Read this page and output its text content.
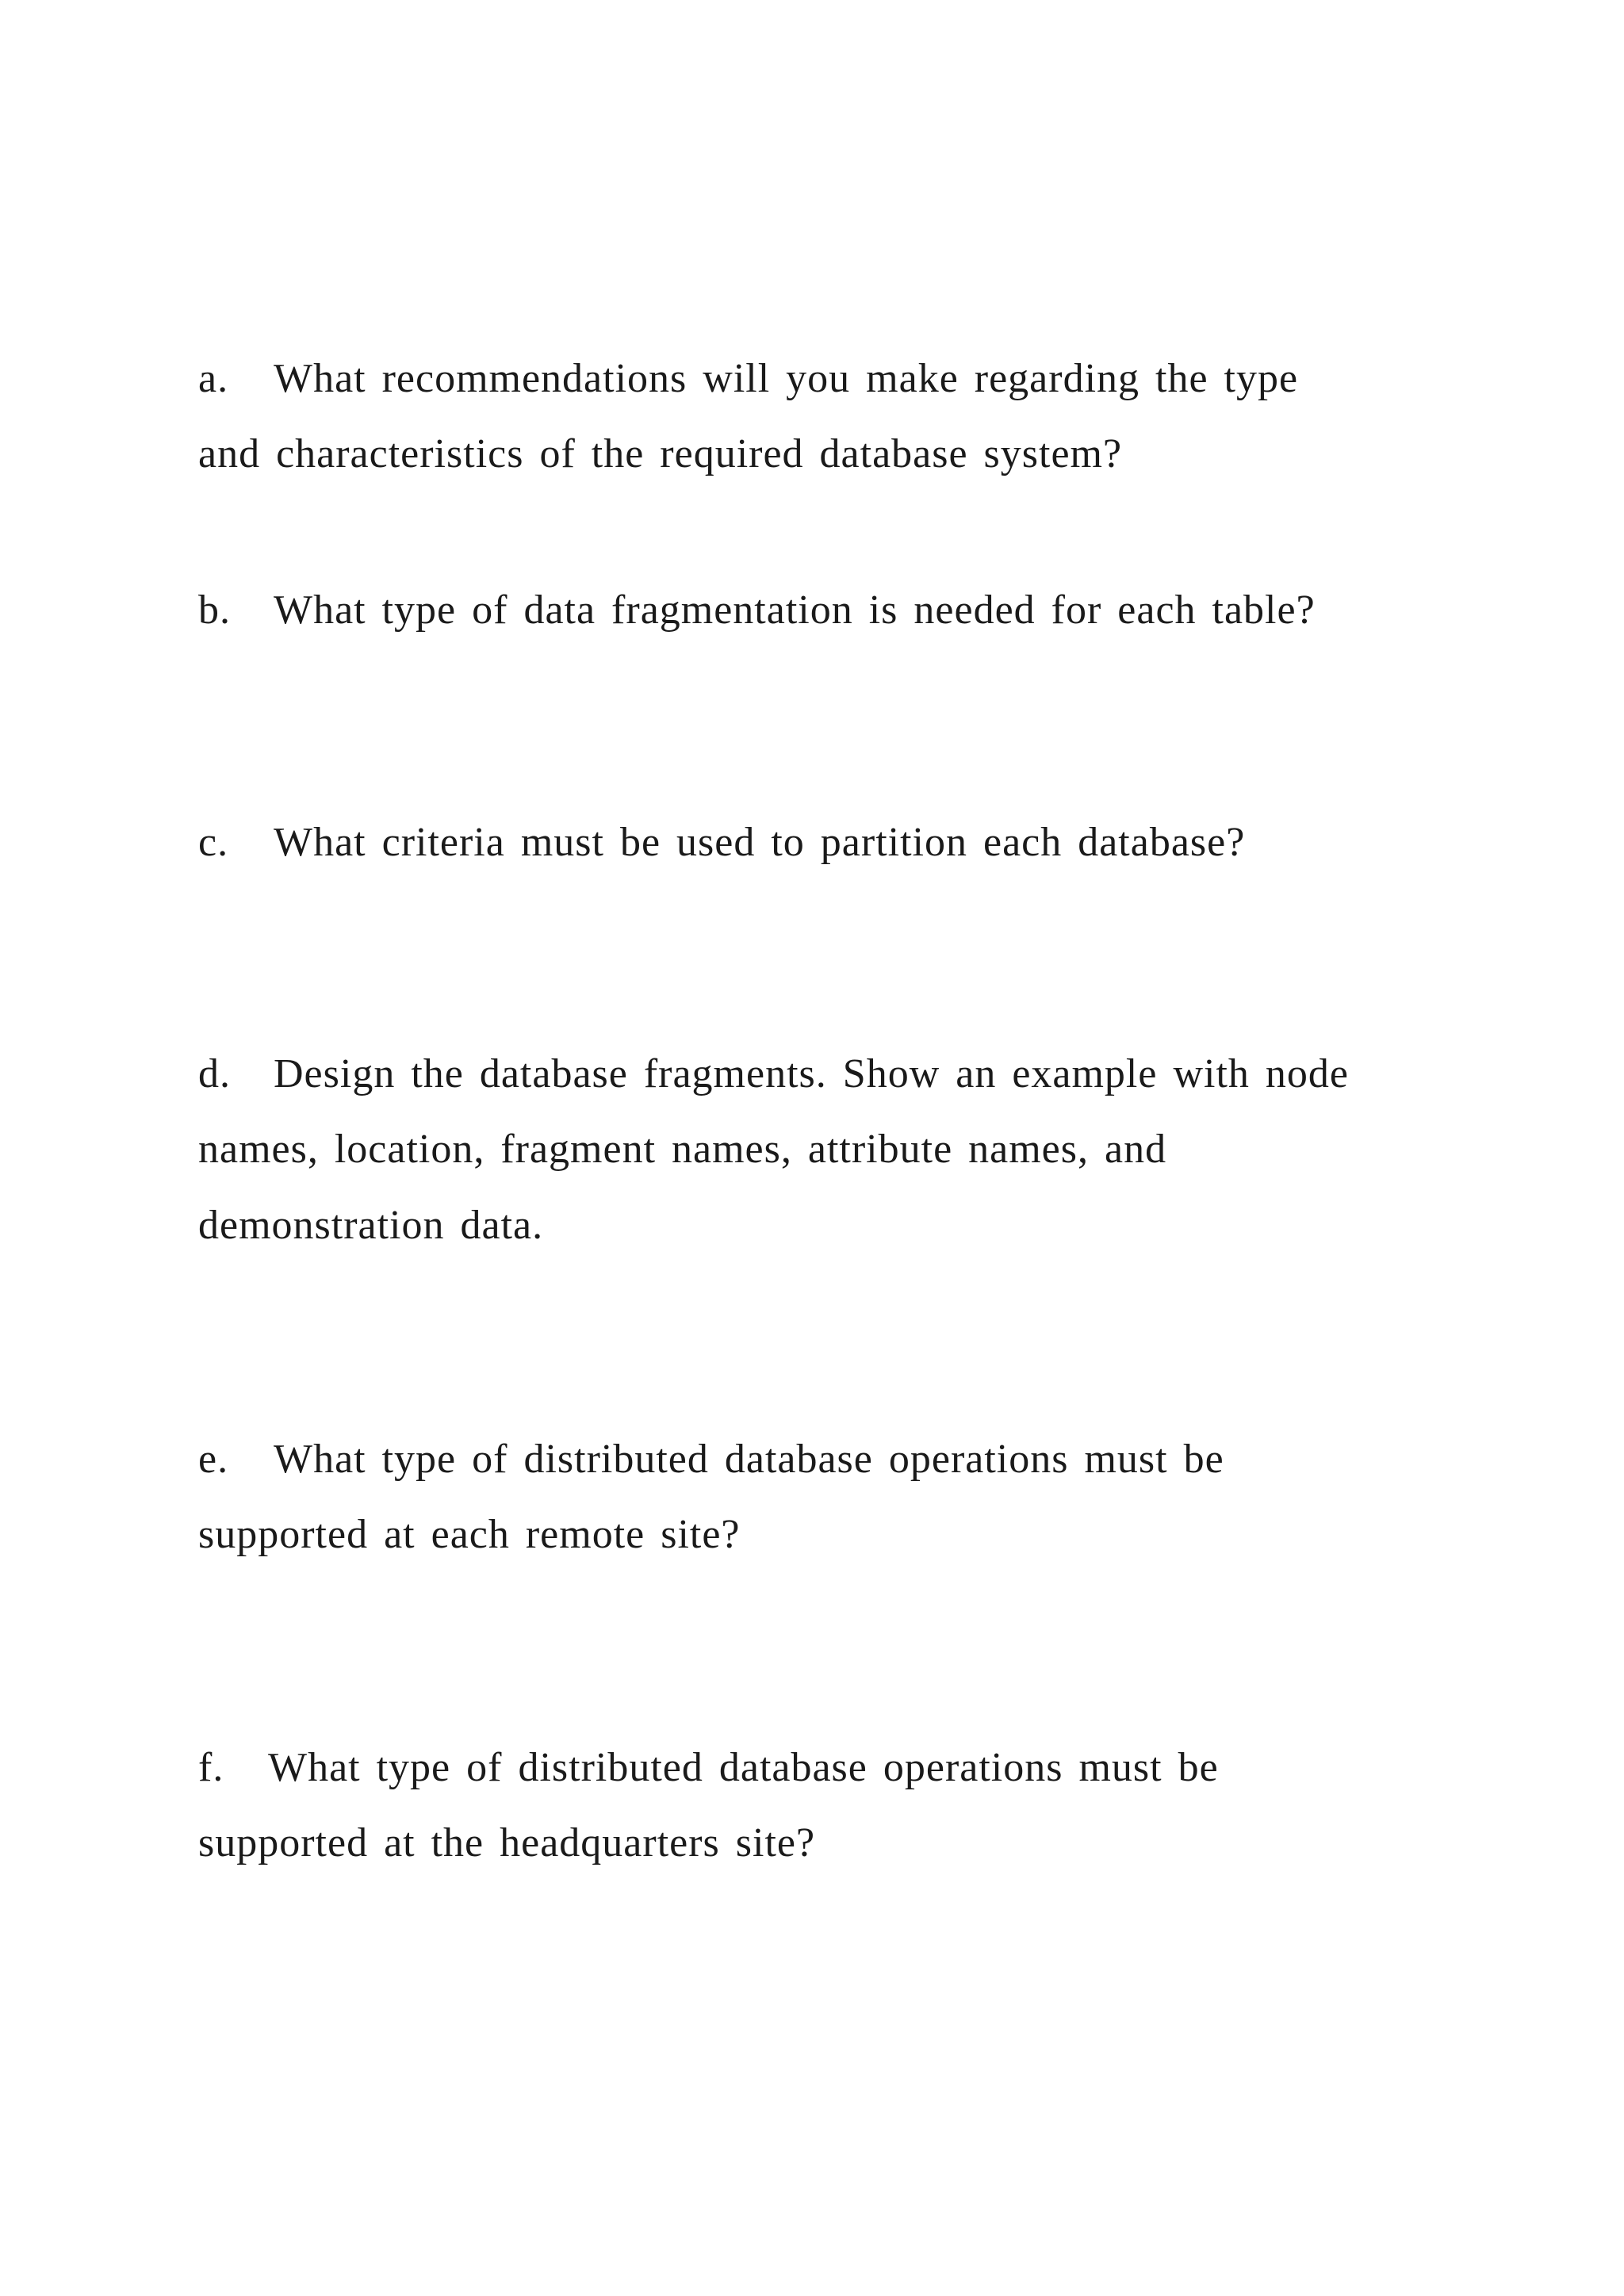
a. What recommendations will you make regarding the type
and characteristics of the required database system?
b. What type of data fragmentation is needed for each table?
c. What criteria must be used to partition each database?
d. Design the database fragments. Show an example with node
names, location, fragment names, attribute names, and
demonstration data.
e. What type of distributed database operations must be
supported at each remote site?
f. What type of distributed database operations must be
supported at the headquarters site?
